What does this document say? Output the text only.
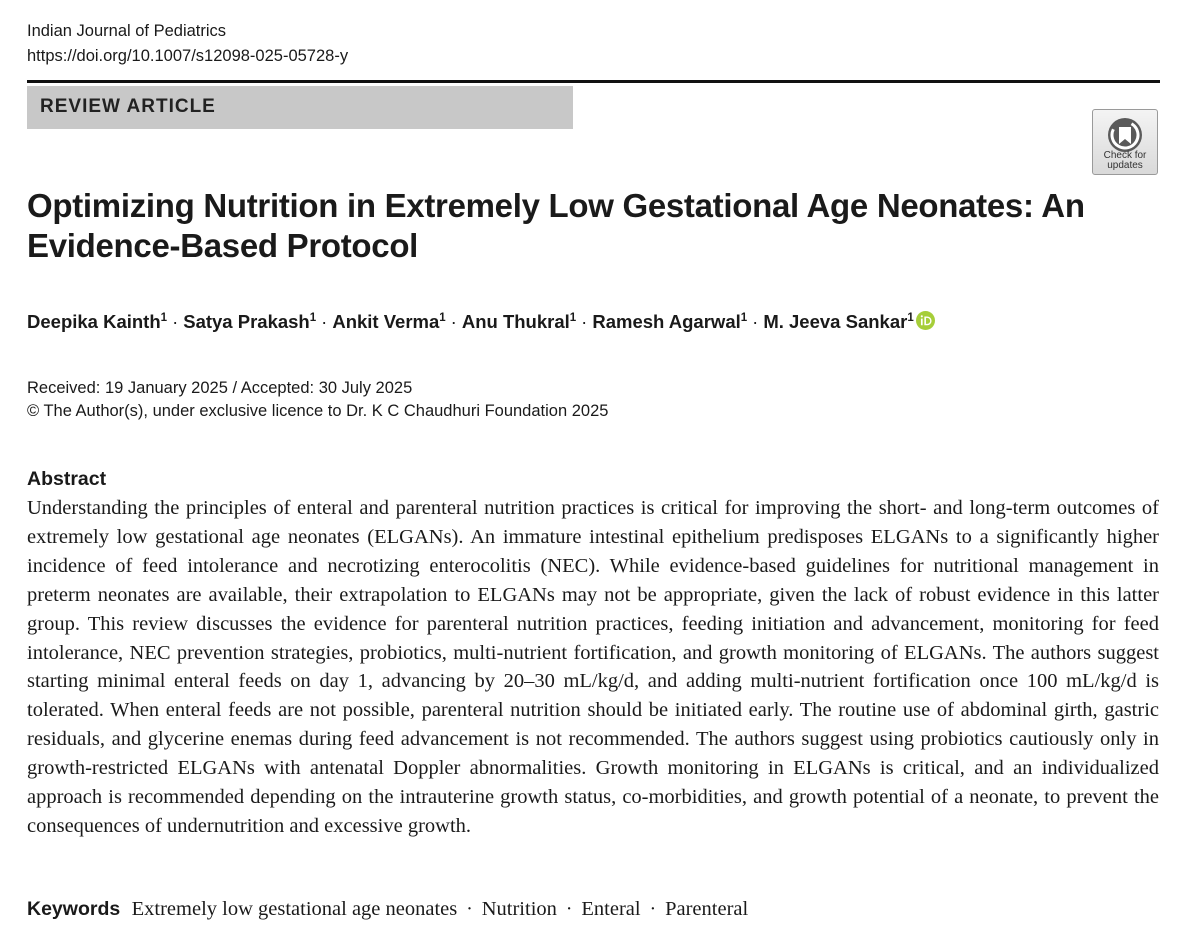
Indian Journal of Pediatrics
https://doi.org/10.1007/s12098-025-05728-y
REVIEW ARTICLE
Check for updates
Optimizing Nutrition in Extremely Low Gestational Age Neonates: An Evidence-Based Protocol
Deepika Kainth$^1$ · Satya Prakash$^1$ · Ankit Verma$^1$ · Anu Thukral$^1$ · Ramesh Agarwal$^1$ · M. Jeeva Sankar$^1$
Received: 19 January 2025 / Accepted: 30 July 2025
© The Author(s), under exclusive licence to Dr. K C Chaudhuri Foundation 2025
Abstract

Understanding the principles of enteral and parenteral nutrition practices is critical for improving the short- and long-term outcomes of extremely low gestational age neonates (ELGANs). An immature intestinal epithelium predisposes ELGANs to a significantly higher incidence of feed intolerance and necrotizing enterocolitis (NEC). While evidence-based guidelines for nutritional management in preterm neonates are available, their extrapolation to ELGANs may not be appropriate, given the lack of robust evidence in this latter group. This review discusses the evidence for parenteral nutrition practices, feeding initiation and advancement, monitoring for feed intolerance, NEC prevention strategies, probiotics, multi-nutrient fortification, and growth monitoring of ELGANs. The authors suggest starting minimal enteral feeds on day 1, advancing by 20–30 mL/kg/d, and adding multi-nutrient fortification once 100 mL/kg/d is tolerated. When enteral feeds are not possible, parenteral nutrition should be initiated early. The routine use of abdominal girth, gastric residuals, and glycerine enemas during feed advancement is not recommended. The authors suggest using probiotics cautiously only in growth-restricted ELGANs with antenatal Doppler abnormalities. Growth monitoring in ELGANs is critical, and an individualized approach is recommended depending on the intrauterine growth status, co-morbidities, and growth potential of a neonate, to prevent the consequences of undernutrition and excessive growth.

Keywords Extremely low gestational age neonates · Nutrition · Enteral · Parenteral
